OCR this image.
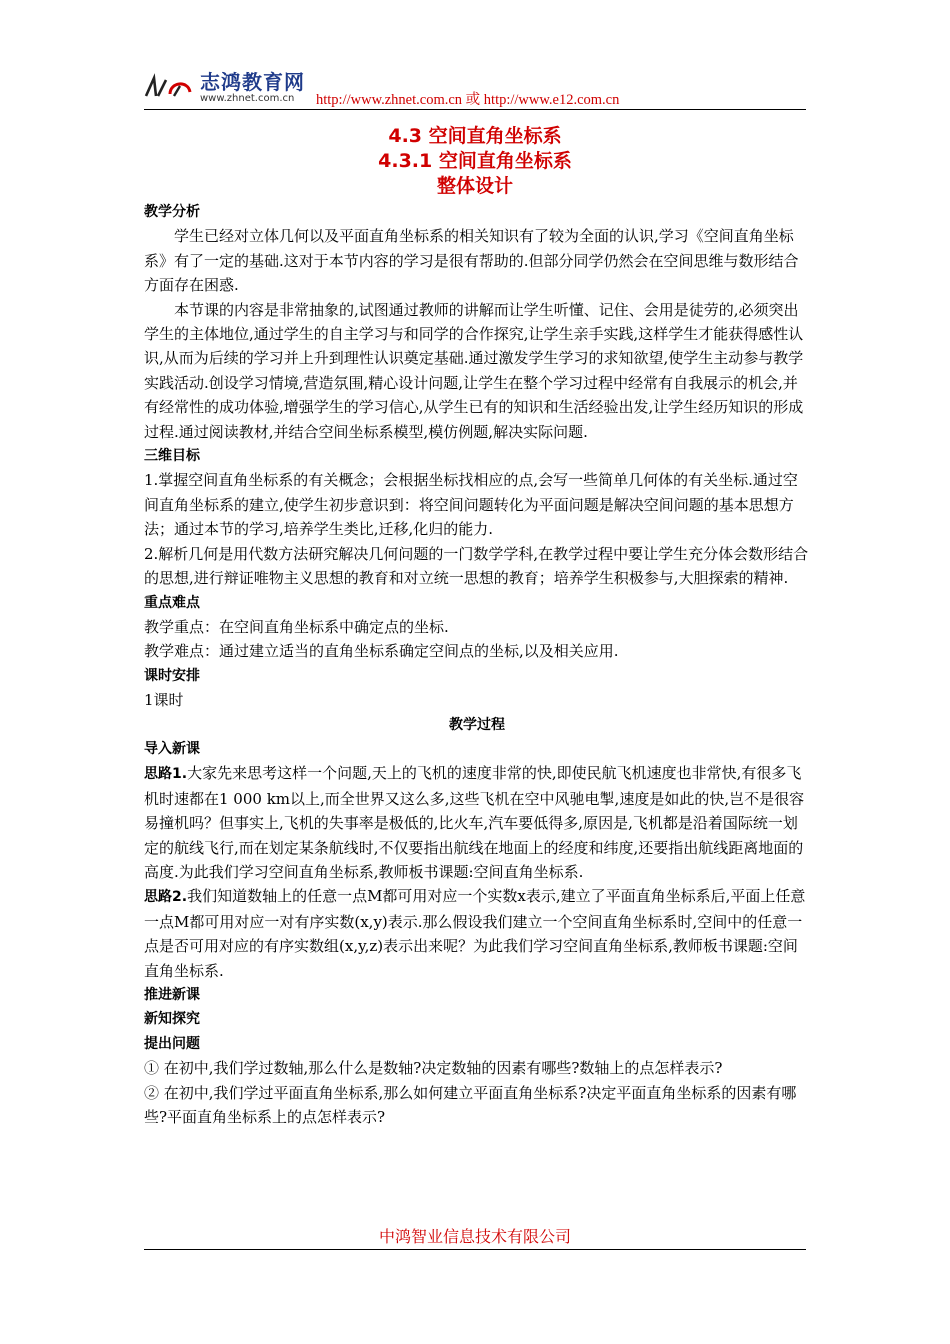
志鸿教育网
www.zhnet.com.cn http://www.zhnet.com.cn 或 http://www.e12.com.cn
4.3 空间直角坐标系
4.3.1 空间直角坐标系
整体设计

教学分析

学生已经对立体几何以及平面直角坐标系的相关知识有了较为全面的认识,学习《空间直角坐标系》有了一定的基础.这对于本节内容的学习是很有帮助的.但部分同学仍然会在空间思维与数形结合方面存在困惑.

本节课的内容是非常抽象的,试图通过教师的讲解而让学生听懂、记住、会用是徒劳的,必须突出学生的主体地位,通过学生的自主学习与和同学的合作探究,让学生亲手实践,这样学生才能获得感性认识,从而为后续的学习并上升到理性认识奠定基础.通过激发学生学习的求知欲望,使学生主动参与教学实践活动.创设学习情境,营造氛围,精心设计问题,让学生在整个学习过程中经常有自我展示的机会,并有经常性的成功体验,增强学生的学习信心,从学生已有的知识和生活经验出发,让学生经历知识的形成过程.通过阅读教材,并结合空间坐标系模型,模仿例题,解决实际问题.

三维目标

1.掌握空间直角坐标系的有关概念；会根据坐标找相应的点,会写一些简单几何体的有关坐标.通过空间直角坐标系的建立,使学生初步意识到：将空间问题转化为平面问题是解决空间问题的基本思想方法；通过本节的学习,培养学生类比,迁移,化归的能力.

2.解析几何是用代数方法研究解决几何问题的一门数学学科,在教学过程中要让学生充分体会数形结合的思想,进行辩证唯物主义思想的教育和对立统一思想的教育；培养学生积极参与,大胆探索的精神.

重点难点

教学重点：在空间直角坐标系中确定点的坐标.

教学难点：通过建立适当的直角坐标系确定空间点的坐标,以及相关应用.

课时安排

1课时

教学过程

导入新课

思路1.大家先来思考这样一个问题,天上的飞机的速度非常的快,即使民航飞机速度也非常快,有很多飞机时速都在1 000 km以上,而全世界又这么多,这些飞机在空中风驰电掣,速度是如此的快,岂不是很容易撞机吗？但事实上,飞机的失事率是极低的,比火车,汽车要低得多,原因是,飞机都是沿着国际统一划定的航线飞行,而在划定某条航线时,不仅要指出航线在地面上的经度和纬度,还要指出航线距离地面的高度.为此我们学习空间直角坐标系,教师板书课题:空间直角坐标系.

思路2.我们知道数轴上的任意一点M都可用对应一个实数x表示,建立了平面直角坐标系后,平面上任意一点M都可用对应一对有序实数(x,y)表示.那么假设我们建立一个空间直角坐标系时,空间中的任意一点是否可用对应的有序实数组(x,y,z)表示出来呢？为此我们学习空间直角坐标系,教师板书课题:空间直角坐标系.

推进新课

新知探究

提出问题

① 在初中,我们学过数轴,那么什么是数轴?决定数轴的因素有哪些?数轴上的点怎样表示?

② 在初中,我们学过平面直角坐标系,那么如何建立平面直角坐标系?决定平面直角坐标系的因素有哪些?平面直角坐标系上的点怎样表示?

中鸿智业信息技术有限公司
